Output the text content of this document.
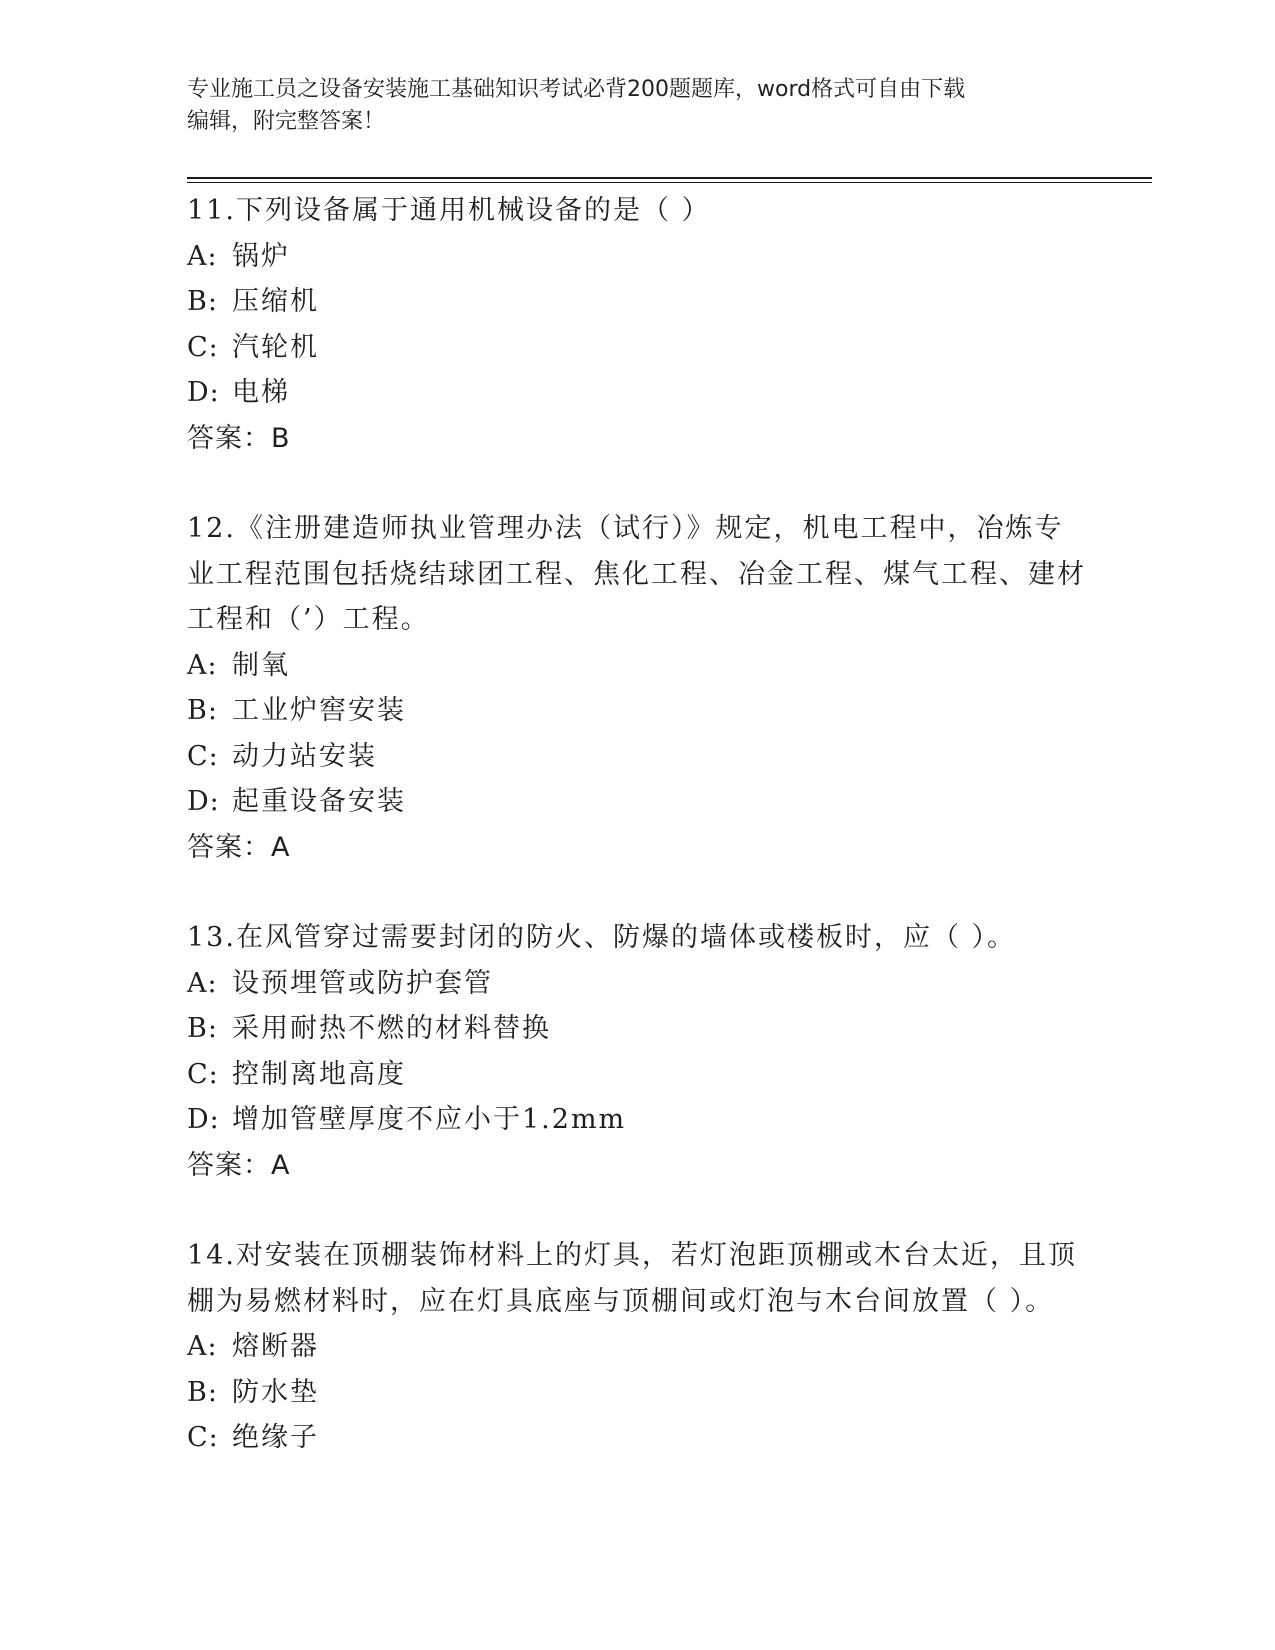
专业施工员之设备安装施工基础知识考试必背200题题库，word格式可自由下载
编辑，附完整答案！

11.下列设备属于通用机械设备的是（ ）

A: 锅炉

B: 压缩机

C: 汽轮机

D: 电梯

答案：B

12.《注册建造师执业管理办法（试行）》规定，机电工程中，冶炼专业工程范围包括烧结球团工程、焦化工程、冶金工程、煤气工程、建材工程和（’）工程。

A: 制氧

B: 工业炉窖安装

C: 动力站安装

D: 起重设备安装

答案：A

13.在风管穿过需要封闭的防火、防爆的墙体或楼板时，应（ ）。

A: 设预埋管或防护套管

B: 采用耐热不燃的材料替换

C: 控制离地高度

D: 增加管壁厚度不应小于1.2mm

答案：A

14.对安装在顶棚装饰材料上的灯具，若灯泡距顶棚或木台太近，且顶棚为易燃材料时，应在灯具底座与顶棚间或灯泡与木台间放置（ ）。

A: 熔断器

B: 防水垫

C: 绝缘子
